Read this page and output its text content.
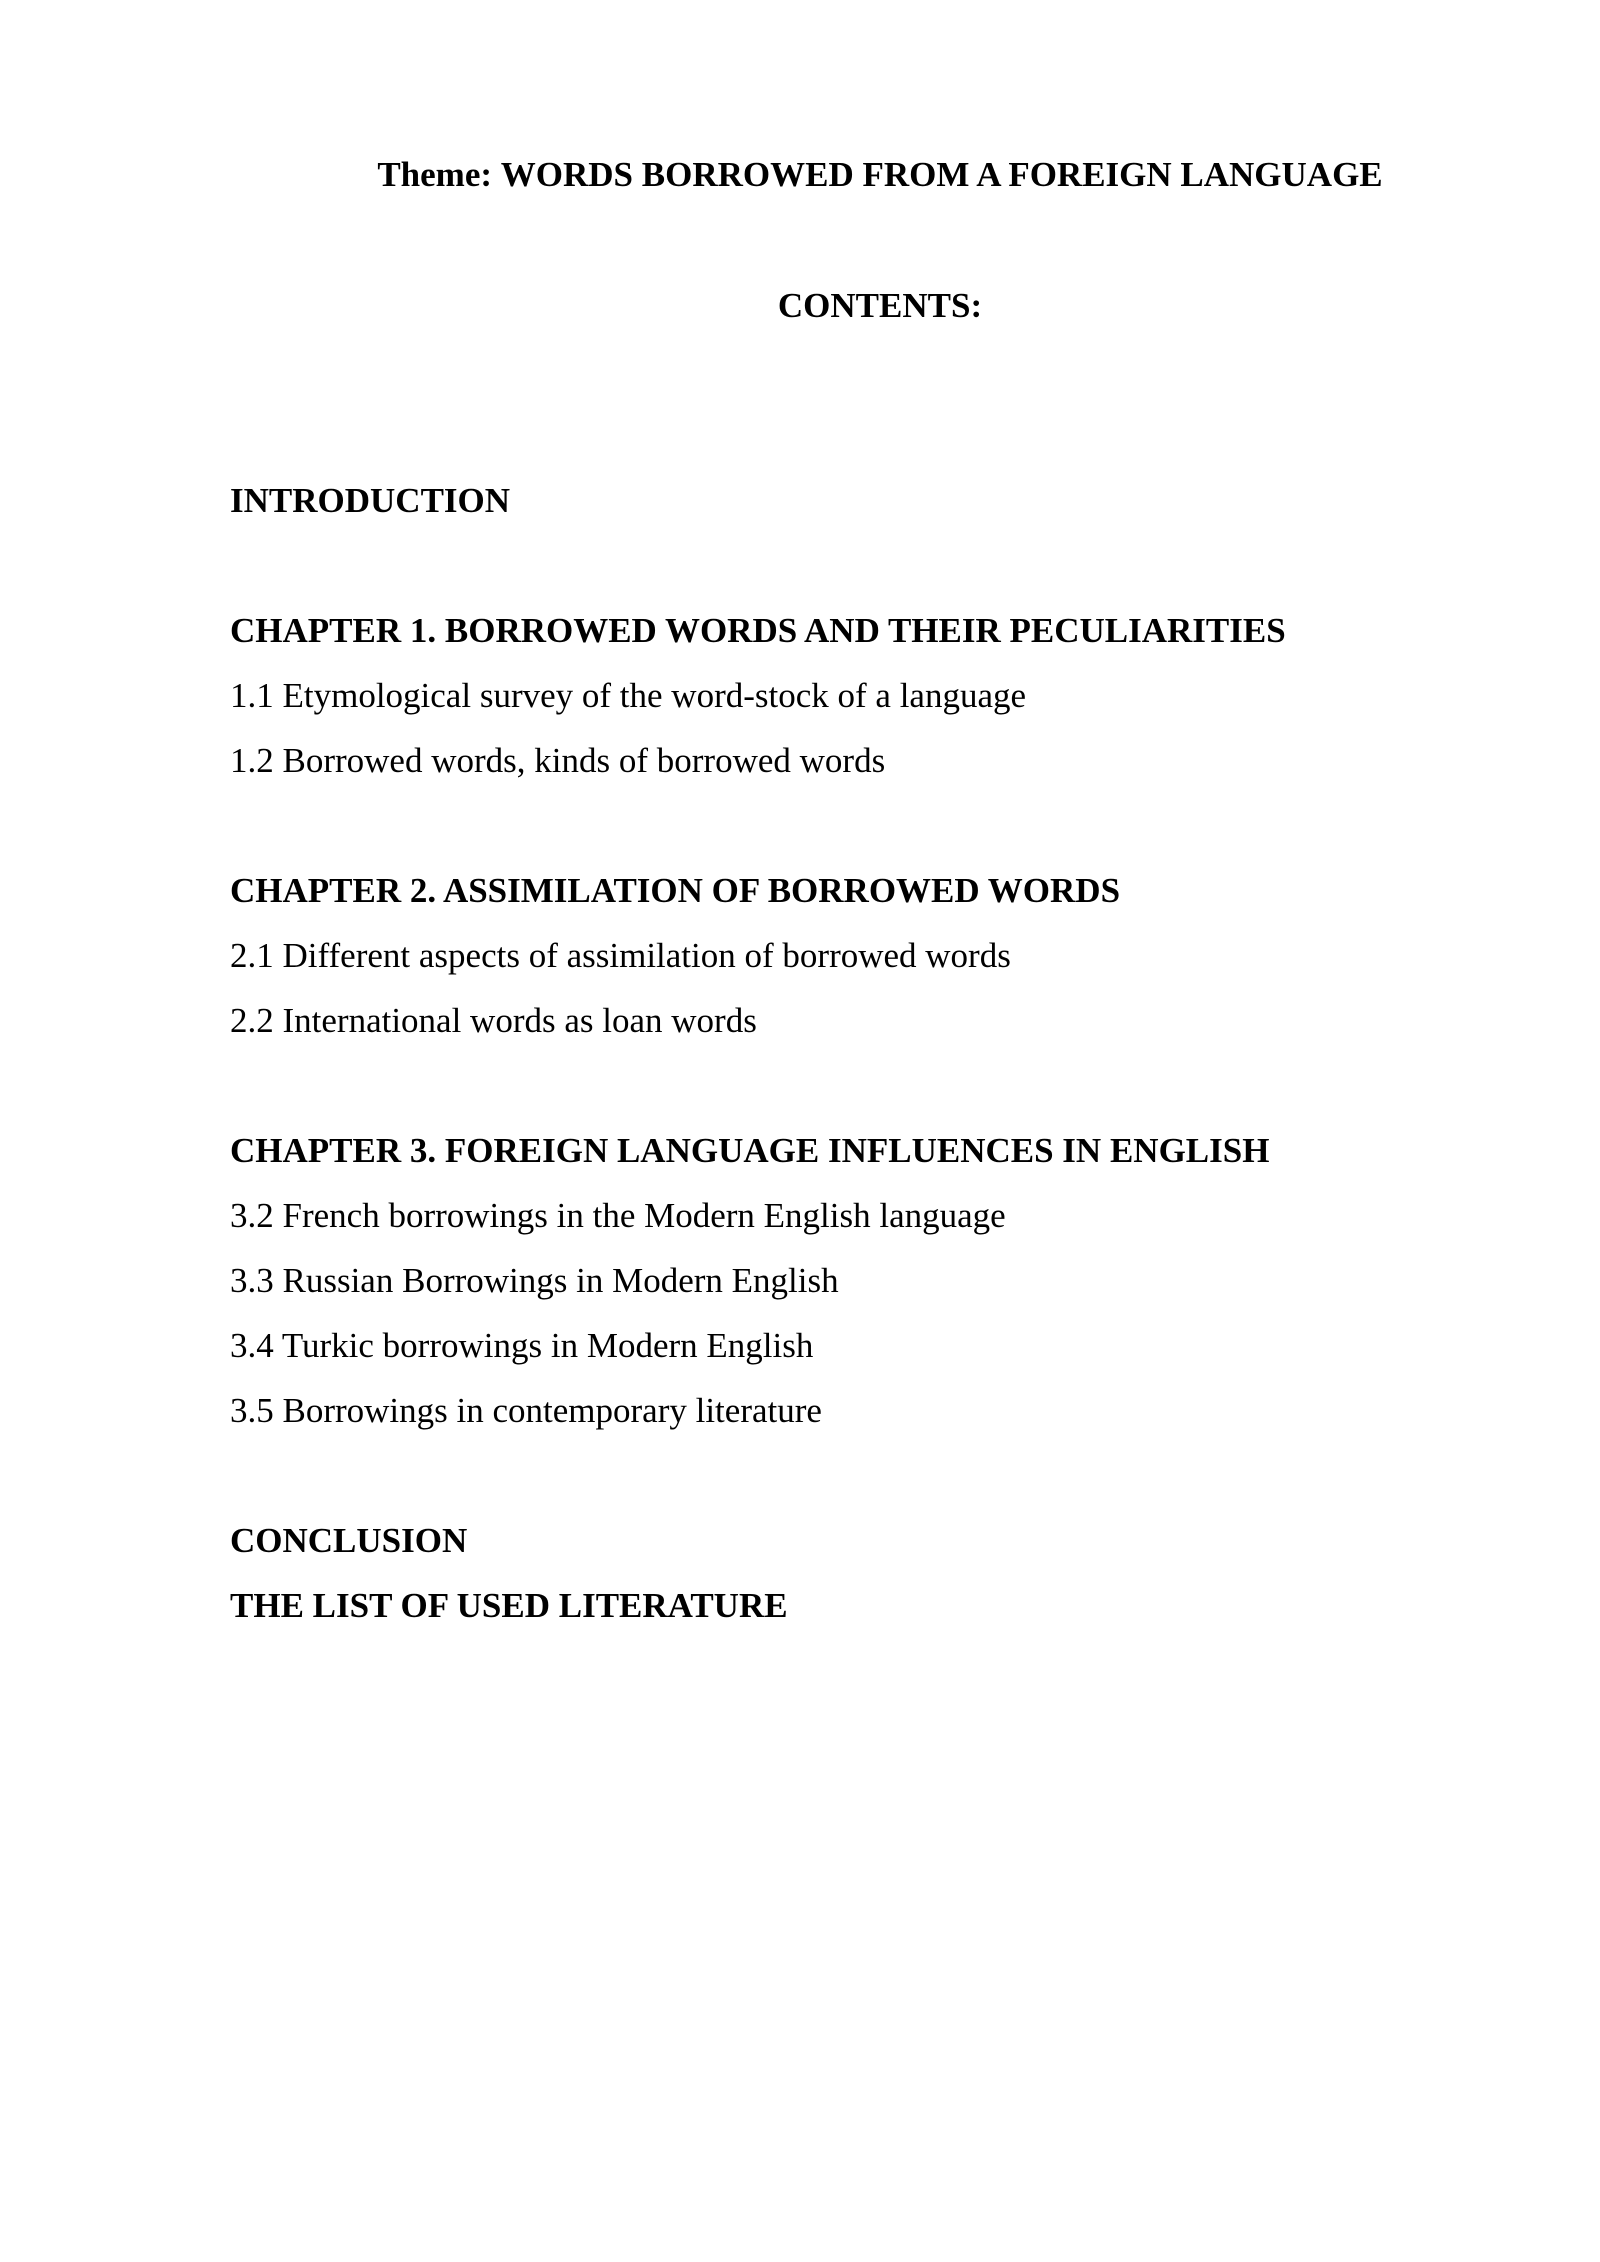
Theme: WORDS BORROWED FROM A FOREIGN LANGUAGE
CONTENTS:
INTRODUCTION
CHAPTER 1. BORROWED WORDS AND THEIR PECULIARITIES
1.1 Etymological survey of the word-stock of a language
1.2 Borrowed words, kinds of borrowed words
CHAPTER 2. ASSIMILATION OF BORROWED WORDS
2.1 Different aspects of assimilation of borrowed words
2.2 International words as loan words
CHAPTER 3. FOREIGN LANGUAGE INFLUENCES IN ENGLISH
3.2 French borrowings in the Modern English language
3.3 Russian Borrowings in Modern English
3.4 Turkic borrowings in Modern English
3.5 Borrowings in contemporary literature
CONCLUSION
THE LIST OF USED LITERATURE
